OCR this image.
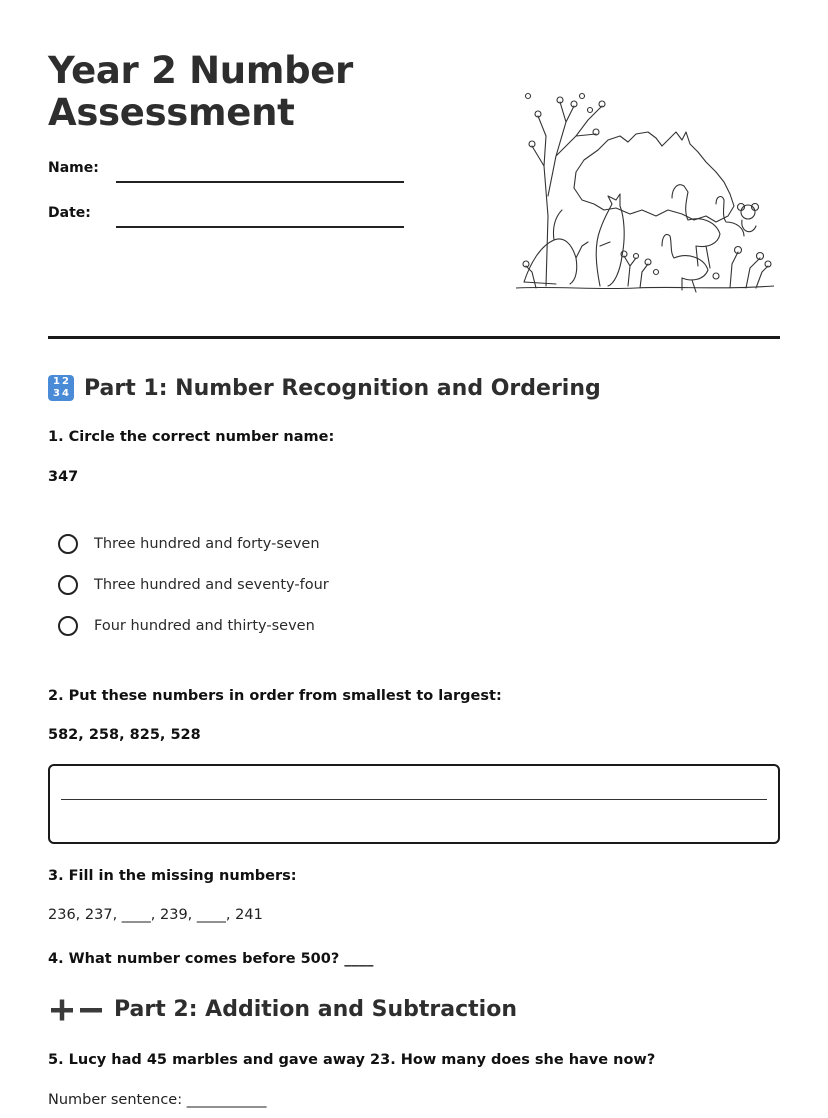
Year 2 Number Assessment
Name:
Date:
1 2
3 4 Part 1: Number Recognition and Ordering
1. Circle the correct number name:
347
Three hundred and forty-seven
Three hundred and seventy-four
Four hundred and thirty-seven
2. Put these numbers in order from smallest to largest:
582, 258, 825, 528
3. Fill in the missing numbers:
236, 237, ____, 239, ____, 241
4. What number comes before 500? ____
Part 2: Addition and Subtraction
5. Lucy had 45 marbles and gave away 23. How many does she have now?
Number sentence: ___________
